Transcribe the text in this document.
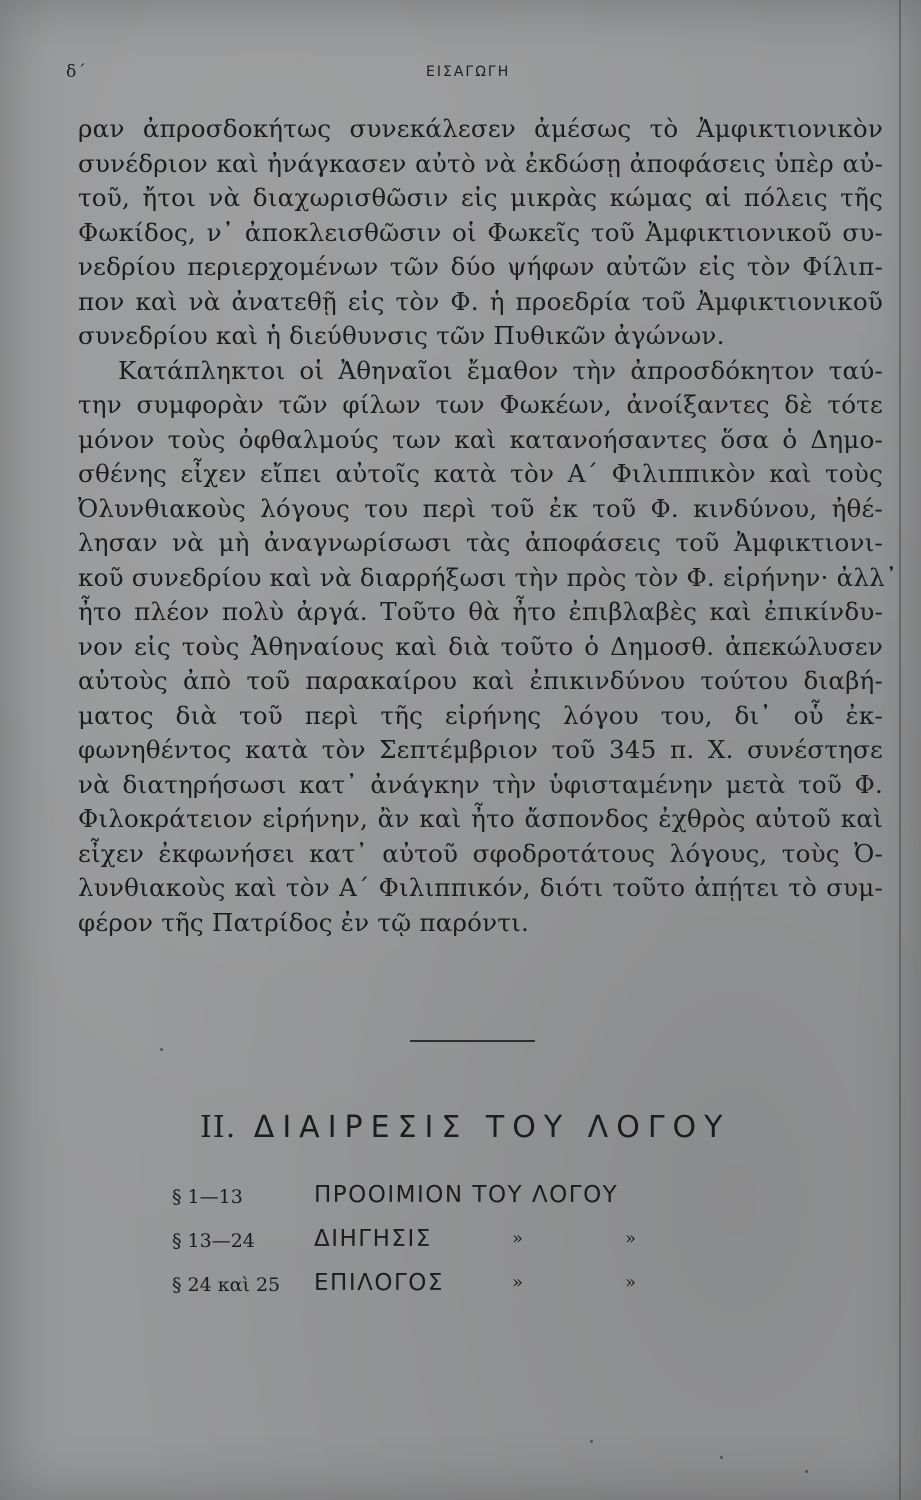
δ΄	ΕΙΣΑΓΩΓΗ
ραν ἀπροσδοκήτως συνεκάλεσεν ἀμέσως τὸ Ἀμφικτιονικὸν
συνέδριον καὶ ἠνάγκασεν αὐτὸ νὰ ἐκδώσῃ ἀποφάσεις ὑπὲρ αὐ-
τοῦ, ἤτοι νὰ διαχωρισθῶσιν εἰς μικρὰς κώμας αἱ πόλεις τῆς
Φωκίδος, ν᾽ ἀποκλεισθῶσιν οἱ Φωκεῖς τοῦ Ἀμφικτιονικοῦ συ-
νεδρίου περιερχομένων τῶν δύο ψήφων αὐτῶν εἰς τὸν Φίλιπ-
πον καὶ νὰ ἀνατεθῇ εἰς τὸν Φ. ἡ προεδρία τοῦ Ἀμφικτιονικοῦ
συνεδρίου καὶ ἡ διεύθυνσις τῶν Πυθικῶν ἀγώνων.
Κατάπληκτοι οἱ Ἀθηναῖοι ἔμαθον τὴν ἀπροσδόκητον ταύ-
την συμφορὰν τῶν φίλων των Φωκέων, ἀνοίξαντες δὲ τότε
μόνον τοὺς ὀφθαλμούς των καὶ κατανοήσαντες ὅσα ὁ Δημο-
σθένης εἶχεν εἴπει αὐτοῖς κατὰ τὸν Α΄ Φιλιππικὸν καὶ τοὺς
Ὀλυνθιακοὺς λόγους του περὶ τοῦ ἐκ τοῦ Φ. κινδύνου, ἠθέ-
λησαν νὰ μὴ ἀναγνωρίσωσι τὰς ἀποφάσεις τοῦ Ἀμφικτιονι-
κοῦ συνεδρίου καὶ νὰ διαρρήξωσι τὴν πρὸς τὸν Φ. εἰρήνην· ἀλλ᾽
ἦτο πλέον πολὺ ἀργά. Τοῦτο θὰ ἦτο ἐπιβλαβὲς καὶ ἐπικίνδυ-
νον εἰς τοὺς Ἀθηναίους καὶ διὰ τοῦτο ὁ Δημοσθ. ἀπεκώλυσεν
αὐτοὺς ἀπὸ τοῦ παρακαίρου καὶ ἐπικινδύνου τούτου διαβή-
ματος διὰ τοῦ περὶ τῆς εἰρήνης λόγου του, δι᾽ οὗ ἐκ-
φωνηθέντος κατὰ τὸν Σεπτέμβριον τοῦ 345 π. Χ. συνέστησε
νὰ διατηρήσωσι κατ᾽ ἀνάγκην τὴν ὑφισταμένην μετὰ τοῦ Φ.
Φιλοκράτειον εἰρήνην, ἂν καὶ ἦτο ἄσπονδος ἐχθρὸς αὐτοῦ καὶ
εἶχεν ἐκφωνήσει κατ᾽ αὐτοῦ σφοδροτάτους λόγους, τοὺς Ὀ-
λυνθιακοὺς καὶ τὸν Α΄ Φιλιππικόν, διότι τοῦτο ἀπῄτει τὸ συμ-
φέρον τῆς Πατρίδος ἐν τῷ παρόντι.
II. ΔΙΑΙΡΕΣΙΣ ΤΟΥ ΛΟΓΟΥ
§ 1—13	ΠΡΟΟΙΜΙΟΝ ΤΟΥ ΛΟΓΟΥ
§ 13—24	ΔΙΗΓΗΣΙΣ	»	»
§ 24 καὶ 25 ΕΠΙΛΟΓΟΣ	»	»
